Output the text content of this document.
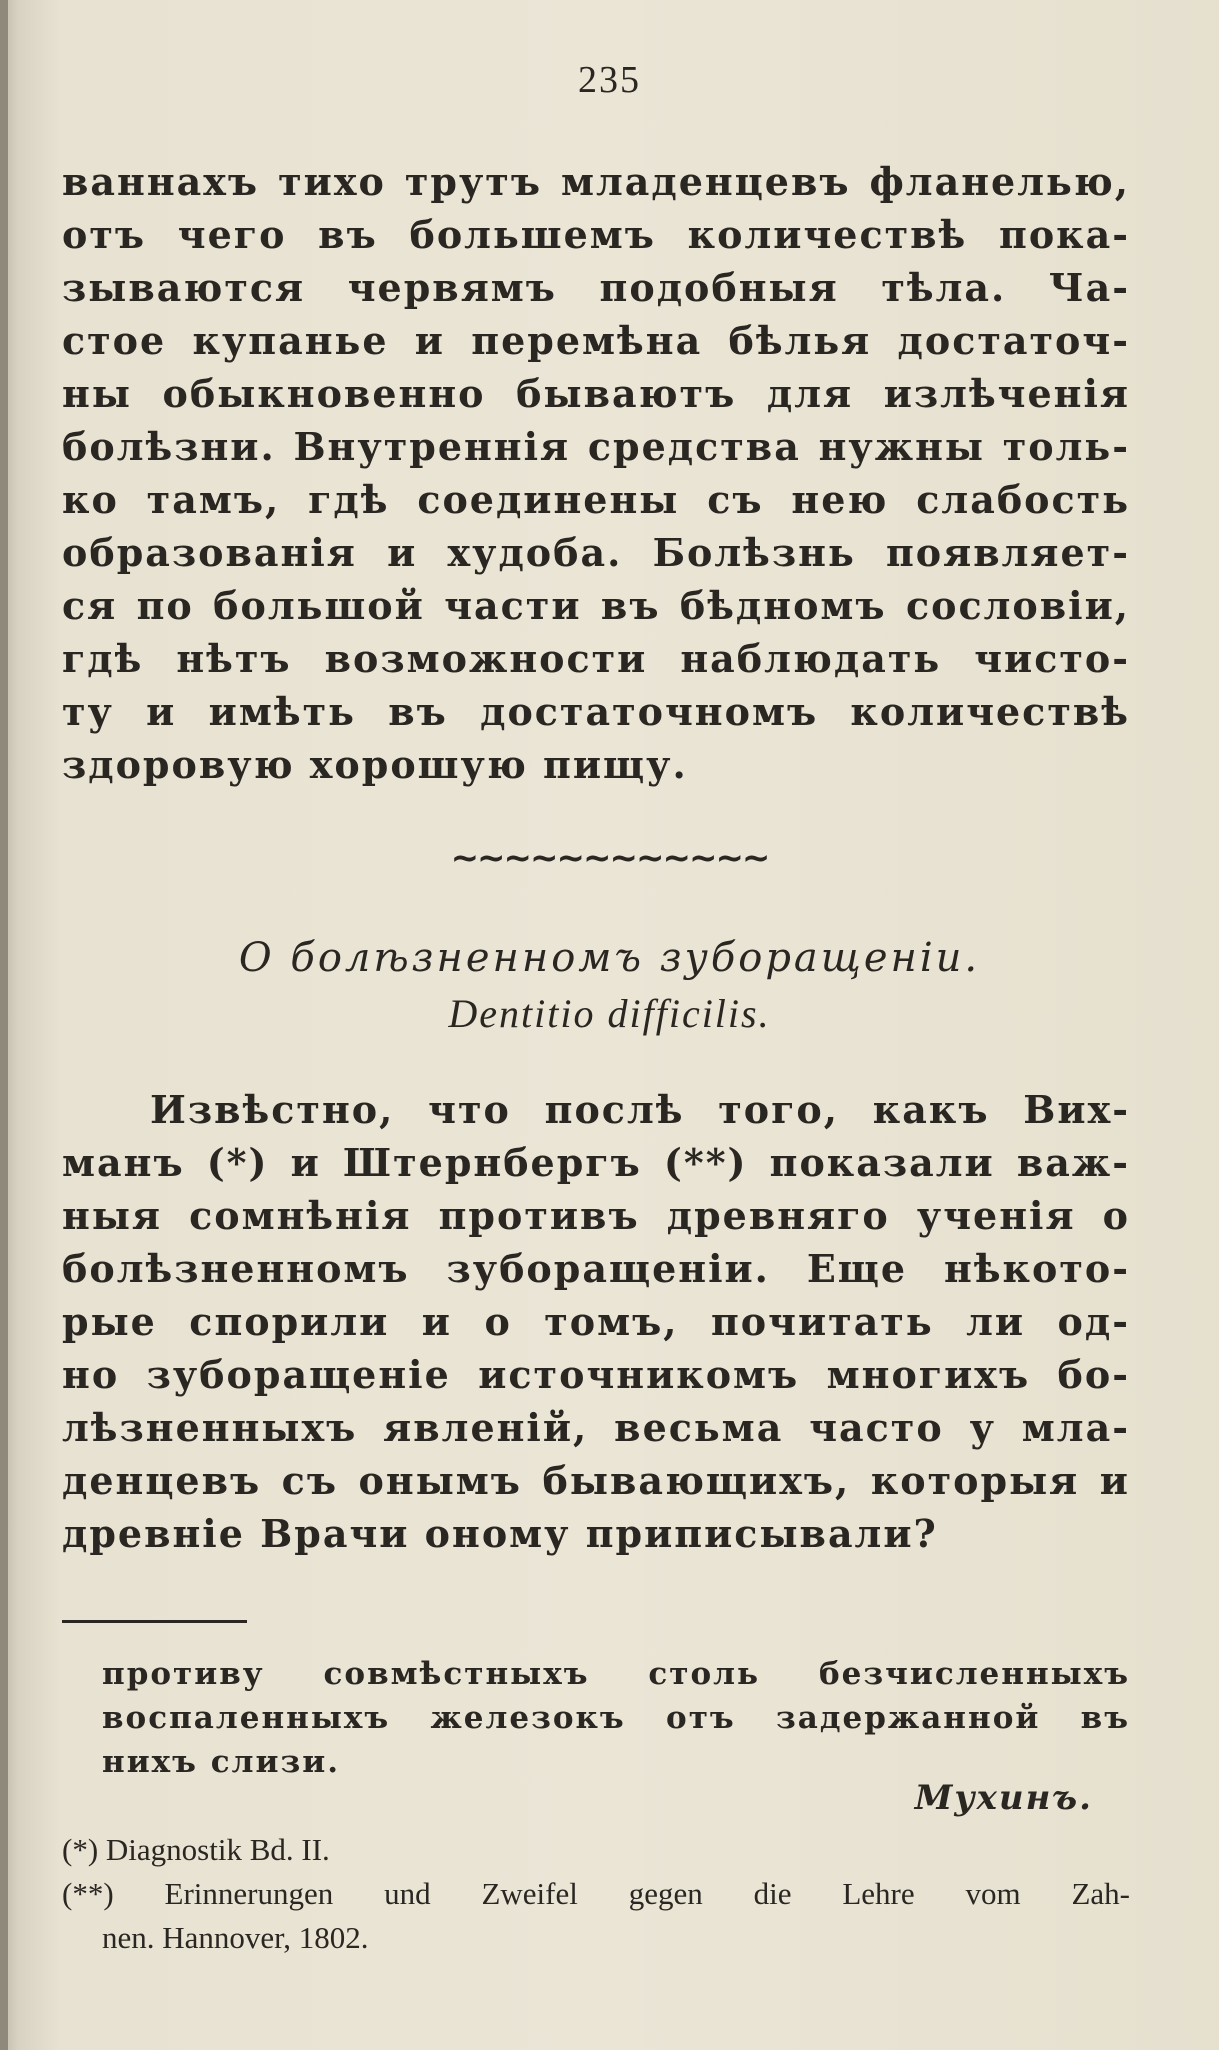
235
ваннахъ тихо трутъ младенцевъ фланелью,
отъ чего въ большемъ количествѣ пока-
зываются червямъ подобныя тѣла. Ча-
стое купанье и перемѣна бѣлья достаточ-
ны обыкновенно бываютъ для излѣченія
болѣзни. Внутреннія средства нужны толь-
ко тамъ, гдѣ соединены съ нею слабость
образованія и худоба. Болѣзнь появляет-
ся по большой части въ бѣдномъ сословіи,
гдѣ нѣтъ возможности наблюдать чисто-
ту и имѣть въ достаточномъ количествѣ
здоровую хорошую пищу.
~~~~~~~~~~~~
О болѣзненномъ зуборащеніи.
Dentitio difficilis.
Извѣстно, что послѣ того, какъ Вих-
манъ (*) и Штернбергъ (**) показали важ-
ныя сомнѣнія противъ древняго ученія о
болѣзненномъ зуборащеніи. Еще нѣкото-
рые спорили и о томъ, почитать ли од-
но зуборащеніе источникомъ многихъ бо-
лѣзненныхъ явленій, весьма часто у мла-
денцевъ съ онымъ бывающихъ, которыя и
древніе Врачи оному приписывали?
противу совмѣстныхъ столь безчисленныхъ
воспаленныхъ железокъ отъ задержанной въ
нихъ слизи.
Мухинъ.
(*) Diagnostik Bd. II.
(**) Erinnerungen und Zweifel gegen die Lehre vom Zah-
nen. Hannover, 1802.
